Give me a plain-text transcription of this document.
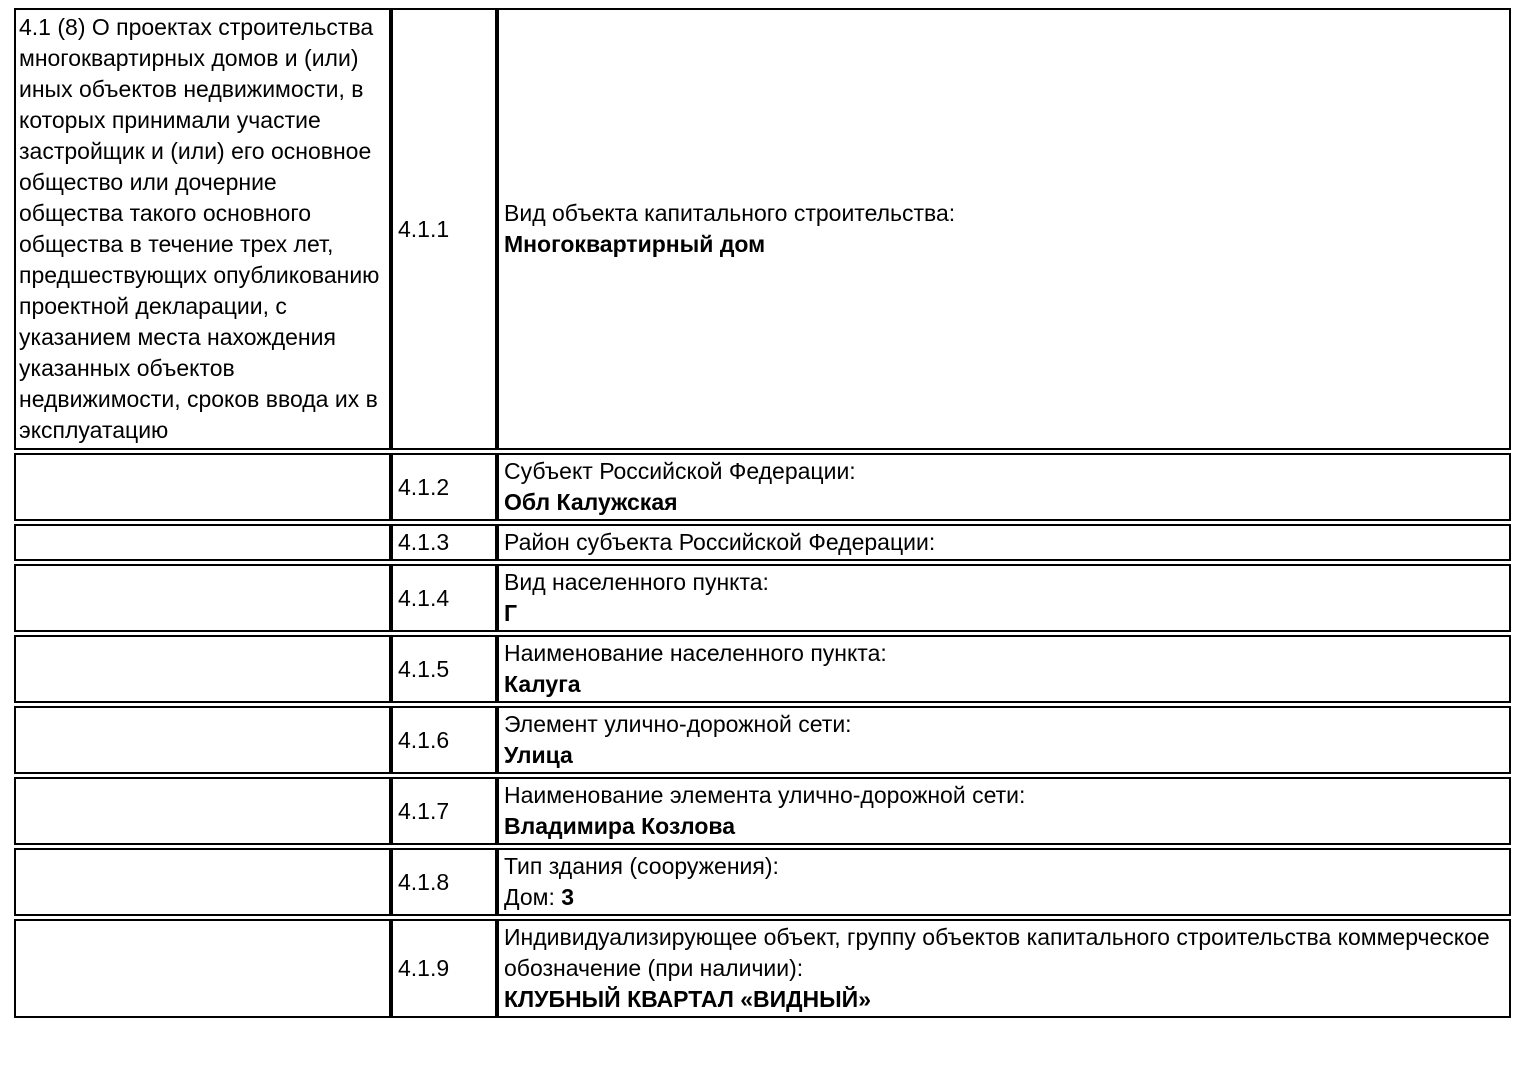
4.1 (8) О проектах строительства многоквартирных домов и (или) иных объектов недвижимости, в которых принимали участие застройщик и (или) его основное общество или дочерние общества такого основного общества в течение трех лет, предшествующих опубликованию проектной декларации, с указанием места нахождения указанных объектов недвижимости, сроков ввода их в эксплуатацию
4.1.1
Вид объекта капитального строительства:
Многоквартирный дом
4.1.2
Субъект Российской Федерации:
Обл Калужская
4.1.3 Район субъекта Российской Федерации:
4.1.4
Вид населенного пункта:
Г
4.1.5
Наименование населенного пункта:
Калуга
4.1.6
Элемент улично-дорожной сети:
Улица
4.1.7
Наименование элемента улично-дорожной сети:
Владимира Козлова
4.1.8
Тип здания (сооружения):
Дом: 3
4.1.9
Индивидуализирующее объект, группу объектов капитального строительства коммерческое обозначение (при наличии):
КЛУБНЫЙ КВАРТАЛ «ВИДНЫЙ»
